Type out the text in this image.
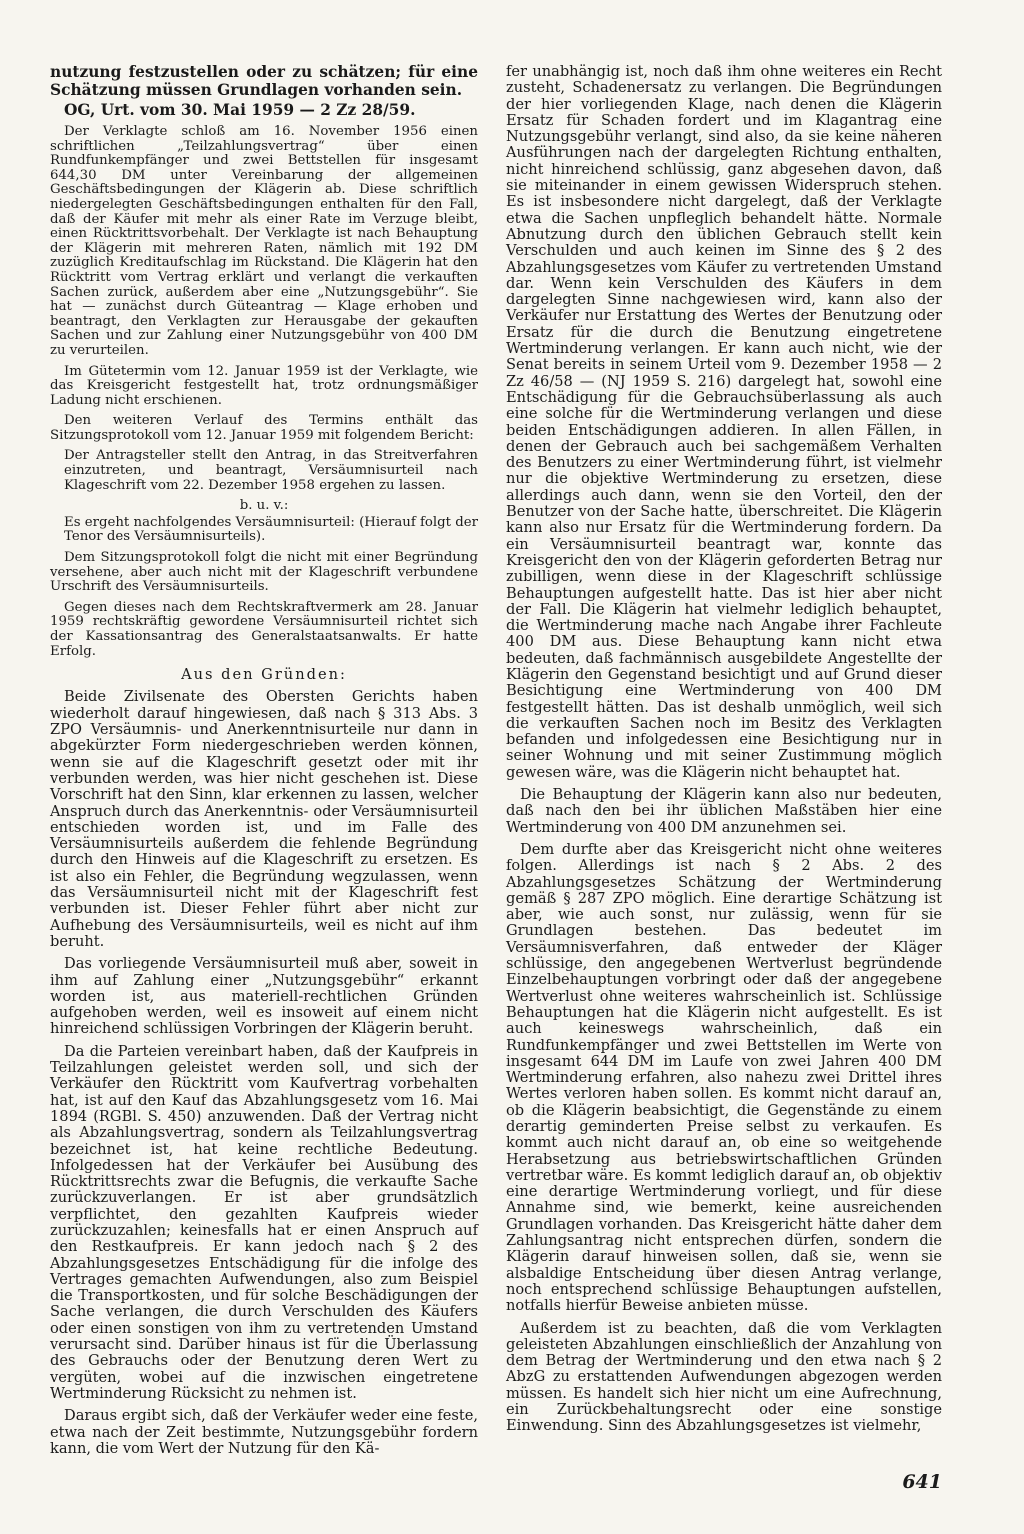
nutzung festzustellen oder zu schätzen; für eine Schätzung müssen Grundlagen vorhanden sein.

OG, Urt. vom 30. Mai 1959 — 2 Zz 28/59.

Der Verklagte schloß am 16. November 1956 einen schriftlichen „Teilzahlungsvertrag“ über einen Rundfunkempfänger und zwei Bettstellen für insgesamt 644,30 DM unter Vereinbarung der allgemeinen Geschäftsbedingungen der Klägerin ab. Diese schriftlich niedergelegten Geschäftsbedingungen enthalten für den Fall, daß der Käufer mit mehr als einer Rate im Verzuge bleibt, einen Rücktrittsvorbehalt. Der Verklagte ist nach Behauptung der Klägerin mit mehreren Raten, nämlich mit 192 DM zuzüglich Kreditaufschlag im Rückstand. Die Klägerin hat den Rücktritt vom Vertrag erklärt und verlangt die verkauften Sachen zurück, außerdem aber eine „Nutzungsgebühr“. Sie hat — zunächst durch Güteantrag — Klage erhoben und beantragt, den Verklagten zur Herausgabe der gekauften Sachen und zur Zahlung einer Nutzungsgebühr von 400 DM zu verurteilen.

Im Gütetermin vom 12. Januar 1959 ist der Verklagte, wie das Kreisgericht festgestellt hat, trotz ordnungsmäßiger Ladung nicht erschienen.

Den weiteren Verlauf des Termins enthält das Sitzungsprotokoll vom 12. Januar 1959 mit folgendem Bericht:

Der Antragsteller stellt den Antrag, in das Streitverfahren einzutreten, und beantragt, Versäumnisurteil nach Klageschrift vom 22. Dezember 1958 ergehen zu lassen.

b. u. v.:

Es ergeht nachfolgendes Versäumnisurteil: (Hierauf folgt der Tenor des Versäumnisurteils).

Dem Sitzungsprotokoll folgt die nicht mit einer Begründung versehene, aber auch nicht mit der Klageschrift verbundene Urschrift des Versäumnisurteils.

Gegen dieses nach dem Rechtskraftvermerk am 28. Januar 1959 rechtskräftig gewordene Versäumnisurteil richtet sich der Kassationsantrag des Generalstaatsanwalts. Er hatte Erfolg.

Aus den Gründen:

Beide Zivilsenate des Obersten Gerichts haben wiederholt darauf hingewiesen, daß nach § 313 Abs. 3 ZPO Versäumnis- und Anerkenntnisurteile nur dann in abgekürzter Form niedergeschrieben werden können, wenn sie auf die Klageschrift gesetzt oder mit ihr verbunden werden, was hier nicht geschehen ist. Diese Vorschrift hat den Sinn, klar erkennen zu lassen, welcher Anspruch durch das Anerkenntnis- oder Versäumnisurteil entschieden worden ist, und im Falle des Versäumnisurteils außerdem die fehlende Begründung durch den Hinweis auf die Klageschrift zu ersetzen. Es ist also ein Fehler, die Begründung wegzulassen, wenn das Versäumnisurteil nicht mit der Klageschrift fest verbunden ist. Dieser Fehler führt aber nicht zur Aufhebung des Versäumnisurteils, weil es nicht auf ihm beruht.

Das vorliegende Versäumnisurteil muß aber, soweit in ihm auf Zahlung einer „Nutzungsgebühr“ erkannt worden ist, aus materiell-rechtlichen Gründen aufgehoben werden, weil es insoweit auf einem nicht hinreichend schlüssigen Vorbringen der Klägerin beruht.

Da die Parteien vereinbart haben, daß der Kaufpreis in Teilzahlungen geleistet werden soll, und sich der Verkäufer den Rücktritt vom Kaufvertrag vorbehalten hat, ist auf den Kauf das Abzahlungsgesetz vom 16. Mai 1894 (RGBl. S. 450) anzuwenden. Daß der Vertrag nicht als Abzahlungsvertrag, sondern als Teilzahlungsvertrag bezeichnet ist, hat keine rechtliche Bedeutung. Infolgedessen hat der Verkäufer bei Ausübung des Rücktrittsrechts zwar die Befugnis, die verkaufte Sache zurückzuverlangen. Er ist aber grundsätzlich verpflichtet, den gezahlten Kaufpreis wieder zurückzuzahlen; keinesfalls hat er einen Anspruch auf den Restkaufpreis. Er kann jedoch nach § 2 des Abzahlungsgesetzes Entschädigung für die infolge des Vertrages gemachten Aufwendungen, also zum Beispiel die Transportkosten, und für solche Beschädigungen der Sache verlangen, die durch Verschulden des Käufers oder einen sonstigen von ihm zu vertretenden Umstand verursacht sind. Darüber hinaus ist für die Überlassung des Gebrauchs oder der Benutzung deren Wert zu vergüten, wobei auf die inzwischen eingetretene Wertminderung Rücksicht zu nehmen ist.

Daraus ergibt sich, daß der Verkäufer weder eine feste, etwa nach der Zeit bestimmte, Nutzungsgebühr fordern kann, die vom Wert der Nutzung für den Kä-

fer unabhängig ist, noch daß ihm ohne weiteres ein Recht zusteht, Schadenersatz zu verlangen. Die Begründungen der hier vorliegenden Klage, nach denen die Klägerin Ersatz für Schaden fordert und im Klagantrag eine Nutzungsgebühr verlangt, sind also, da sie keine näheren Ausführungen nach der dargelegten Richtung enthalten, nicht hinreichend schlüssig, ganz abgesehen davon, daß sie miteinander in einem gewissen Widerspruch stehen. Es ist insbesondere nicht dargelegt, daß der Verklagte etwa die Sachen unpfleglich behandelt hätte. Normale Abnutzung durch den üblichen Gebrauch stellt kein Verschulden und auch keinen im Sinne des § 2 des Abzahlungsgesetzes vom Käufer zu vertretenden Umstand dar. Wenn kein Verschulden des Käufers in dem dargelegten Sinne nachgewiesen wird, kann also der Verkäufer nur Erstattung des Wertes der Benutzung oder Ersatz für die durch die Benutzung eingetretene Wertminderung verlangen. Er kann auch nicht, wie der Senat bereits in seinem Urteil vom 9. Dezember 1958 — 2 Zz 46/58 — (NJ 1959 S. 216) dargelegt hat, sowohl eine Entschädigung für die Gebrauchsüberlassung als auch eine solche für die Wertminderung verlangen und diese beiden Entschädigungen addieren. In allen Fällen, in denen der Gebrauch auch bei sachgemäßem Verhalten des Benutzers zu einer Wertminderung führt, ist vielmehr nur die objektive Wertminderung zu ersetzen, diese allerdings auch dann, wenn sie den Vorteil, den der Benutzer von der Sache hatte, überschreitet. Die Klägerin kann also nur Ersatz für die Wertminderung fordern. Da ein Versäumnisurteil beantragt war, konnte das Kreisgericht den von der Klägerin geforderten Betrag nur zubilligen, wenn diese in der Klageschrift schlüssige Behauptungen aufgestellt hatte. Das ist hier aber nicht der Fall. Die Klägerin hat vielmehr lediglich behauptet, die Wertminderung mache nach Angabe ihrer Fachleute 400 DM aus. Diese Behauptung kann nicht etwa bedeuten, daß fachmännisch ausgebildete Angestellte der Klägerin den Gegenstand besichtigt und auf Grund dieser Besichtigung eine Wertminderung von 400 DM festgestellt hätten. Das ist deshalb unmöglich, weil sich die verkauften Sachen noch im Besitz des Verklagten befanden und infolgedessen eine Besichtigung nur in seiner Wohnung und mit seiner Zustimmung möglich gewesen wäre, was die Klägerin nicht behauptet hat.

Die Behauptung der Klägerin kann also nur bedeuten, daß nach den bei ihr üblichen Maßstäben hier eine Wertminderung von 400 DM anzunehmen sei.

Dem durfte aber das Kreisgericht nicht ohne weiteres folgen. Allerdings ist nach § 2 Abs. 2 des Abzahlungsgesetzes Schätzung der Wertminderung gemäß § 287 ZPO möglich. Eine derartige Schätzung ist aber, wie auch sonst, nur zulässig, wenn für sie Grundlagen bestehen. Das bedeutet im Versäumnisverfahren, daß entweder der Kläger schlüssige, den angegebenen Wertverlust begründende Einzelbehauptungen vorbringt oder daß der angegebene Wertverlust ohne weiteres wahrscheinlich ist. Schlüssige Behauptungen hat die Klägerin nicht aufgestellt. Es ist auch keineswegs wahrscheinlich, daß ein Rundfunkempfänger und zwei Bettstellen im Werte von insgesamt 644 DM im Laufe von zwei Jahren 400 DM Wertminderung erfahren, also nahezu zwei Drittel ihres Wertes verloren haben sollen. Es kommt nicht darauf an, ob die Klägerin beabsichtigt, die Gegenstände zu einem derartig geminderten Preise selbst zu verkaufen. Es kommt auch nicht darauf an, ob eine so weitgehende Herabsetzung aus betriebswirtschaftlichen Gründen vertretbar wäre. Es kommt lediglich darauf an, ob objektiv eine derartige Wertminderung vorliegt, und für diese Annahme sind, wie bemerkt, keine ausreichenden Grundlagen vorhanden. Das Kreisgericht hätte daher dem Zahlungsantrag nicht entsprechen dürfen, sondern die Klägerin darauf hinweisen sollen, daß sie, wenn sie alsbaldige Entscheidung über diesen Antrag verlange, noch entsprechend schlüssige Behauptungen aufstellen, notfalls hierfür Beweise anbieten müsse.

Außerdem ist zu beachten, daß die vom Verklagten geleisteten Abzahlungen einschließlich der Anzahlung von dem Betrag der Wertminderung und den etwa nach § 2 AbzG zu erstattenden Aufwendungen abgezogen werden müssen. Es handelt sich hier nicht um eine Aufrechnung, ein Zurückbehaltungsrecht oder eine sonstige Einwendung. Sinn des Abzahlungsgesetzes ist vielmehr,

641
